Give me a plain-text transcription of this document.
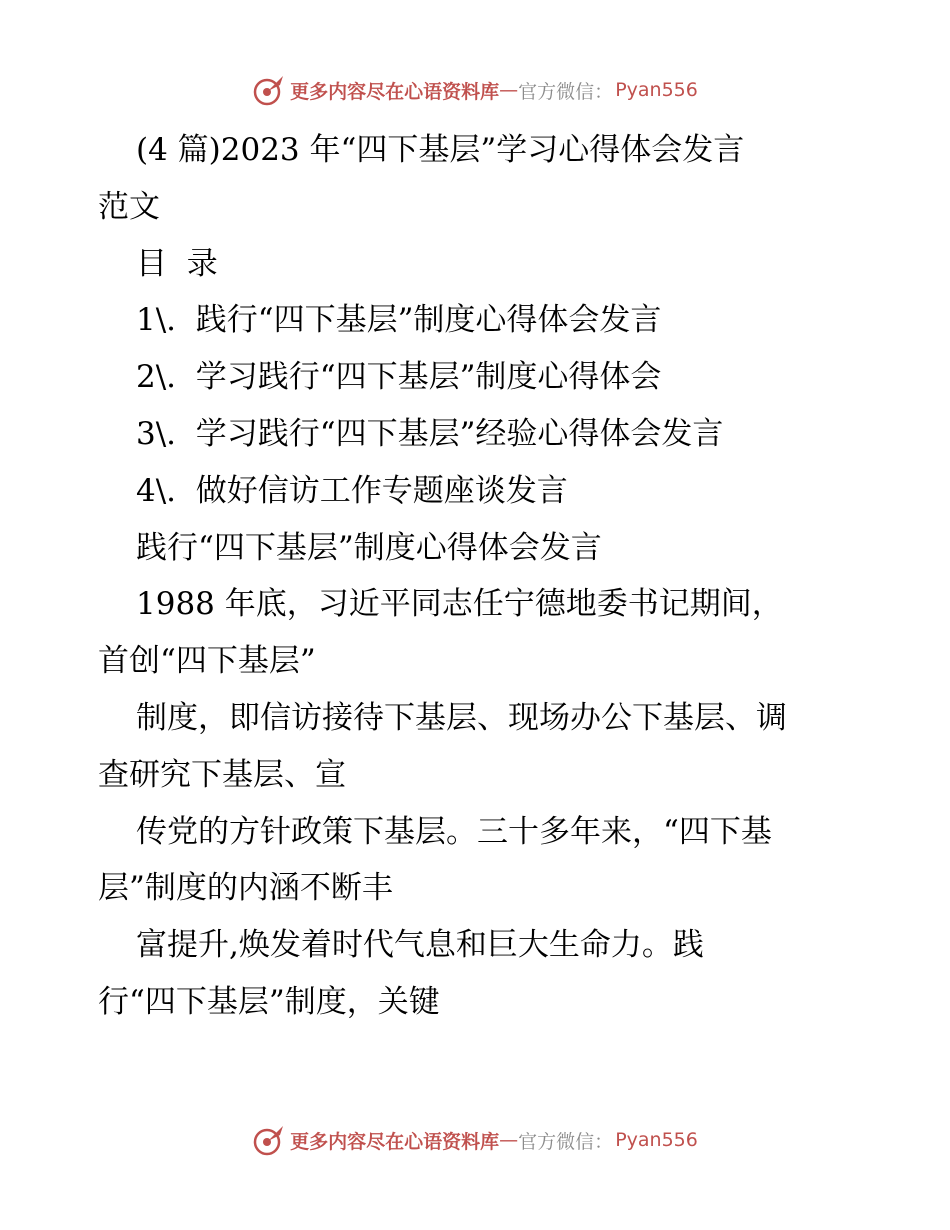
更多内容尽在心语资料库 — 官方微信： Pyan556

(4 篇)2023 年“四下基层”学习心得体会发言

范文

目  录

1\.  践行“四下基层”制度心得体会发言

2\.  学习践行“四下基层”制度心得体会

3\.  学习践行“四下基层”经验心得体会发言

4\.  做好信访工作专题座谈发言

践行“四下基层”制度心得体会发言

1988 年底，习近平同志任宁德地委书记期间，

首创“四下基层”

制度，即信访接待下基层、现场办公下基层、调

查研究下基层、宣

传党的方针政策下基层。三十多年来，“四下基

层”制度的内涵不断丰

富提升,焕发着时代气息和巨大生命力。践

行“四下基层”制度，关键

更多内容尽在心语资料库 — 官方微信： Pyan556
